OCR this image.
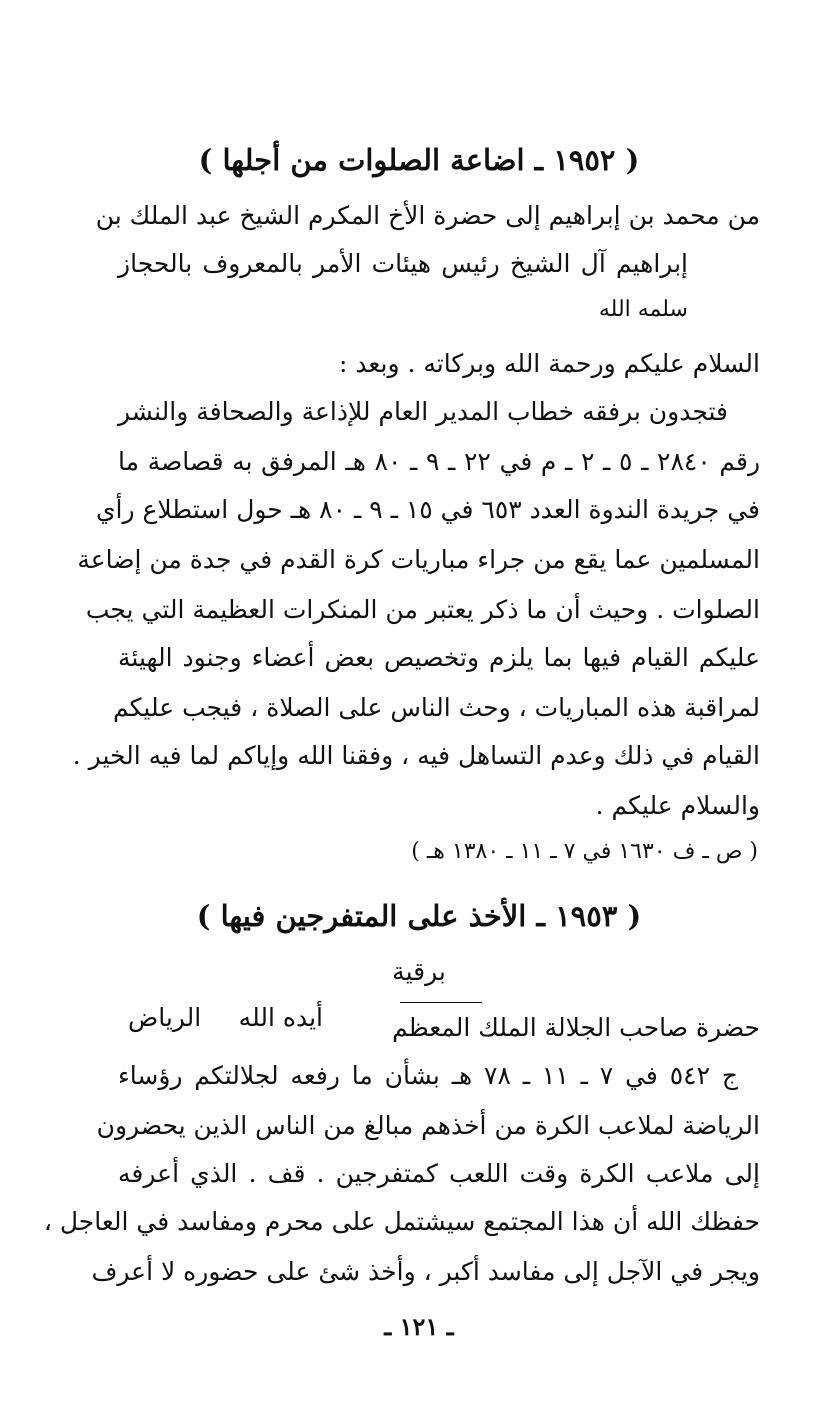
( ١٩٥٢ ـ اضاعة الصلوات من أجلها )
من محمد بن إبراهيم إلى حضرة الأخ المكرم الشيخ عبد الملك بن
إبراهيم آل الشيخ رئيس هيئات الأمر بالمعروف بالحجاز
سلمه الله
السلام عليكم ورحمة الله وبركاته . وبعد :
فتجدون برفقه خطاب المدير العام للإذاعة والصحافة والنشر
رقم ٢٨٤٠ ـ ٥ ـ ٢ ـ م في ٢٢ ـ ٩ ـ ٨٠ هـ المرفق به قصاصة ما
في جريدة الندوة العدد ٦٥٣ في ١٥ ـ ٩ ـ ٨٠ هـ حول استطلاع رأي
المسلمين عما يقع من جراء مباريات كرة القدم في جدة من إضاعة
الصلوات . وحيث أن ما ذكر يعتبر من المنكرات العظيمة التي يجب
عليكم القيام فيها بما يلزم وتخصيص بعض أعضاء وجنود الهيئة
لمراقبة هذه المباريات ، وحث الناس على الصلاة ، فيجب عليكم
القيام في ذلك وعدم التساهل فيه ، وفقنا الله وإياكم لما فيه الخير .
والسلام عليكم .
( ص ـ ف ١٦٣٠ في ٧ ـ ١١ ـ ١٣٨٠ هـ )
( ١٩٥٣ ـ الأخذ على المتفرجين فيها )
برقية
حضرة صاحب الجلالة الملك المعظم
أيده الله
الرياض
ج ٥٤٢ في ٧ ـ ١١ ـ ٧٨ هـ بشأن ما رفعه لجلالتكم رؤساء
الرياضة لملاعب الكرة من أخذهم مبالغ من الناس الذين يحضرون
إلى ملاعب الكرة وقت اللعب كمتفرجين . قف . الذي أعرفه
حفظك الله أن هذا المجتمع سيشتمل على محرم ومفاسد في العاجل ،
ويجر في الآجل إلى مفاسد أكبر ، وأخذ شئ على حضوره لا أعرف
ـ ١٢١ ـ
